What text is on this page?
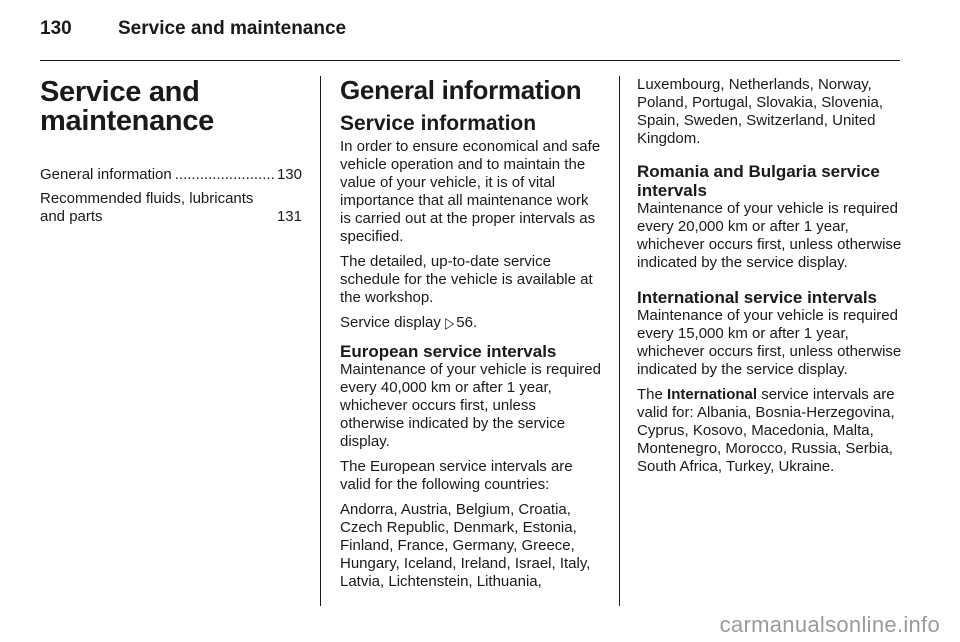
130	Service and maintenance
Service and maintenance
General information
.....	130
Recommended fluids, lubricants and parts	131
General information
Service information

In order to ensure economical and safe vehicle operation and to maintain the value of your vehicle, it is of vital importance that all maintenance work is carried out at the proper intervals as specified.

The detailed, up-to-date service schedule for the vehicle is available at the workshop.

Service display ▷ 56.

European service intervals

Maintenance of your vehicle is required every 40,000 km or after 1 year, whichever occurs first, unless otherwise indicated by the service display.

The European service intervals are valid for the following countries:

Andorra, Austria, Belgium, Croatia, Czech Republic, Denmark, Estonia, Finland, France, Germany, Greece, Hungary, Iceland, Ireland, Israel, Italy, Latvia, Lichtenstein, Lithuania,

Luxembourg, Netherlands, Norway, Poland, Portugal, Slovakia, Slovenia, Spain, Sweden, Switzerland, United Kingdom.

Romania and Bulgaria service intervals

Maintenance of your vehicle is required every 20,000 km or after 1 year, whichever occurs first, unless otherwise indicated by the service display.

International service intervals

Maintenance of your vehicle is required every 15,000 km or after 1 year, whichever occurs first, unless otherwise indicated by the service display.

The International service intervals are valid for: Albania, Bosnia-Herzegovina, Cyprus, Kosovo, Macedonia, Malta, Montenegro, Morocco, Russia, Serbia, South Africa, Turkey, Ukraine.

carmanualsonline.info
